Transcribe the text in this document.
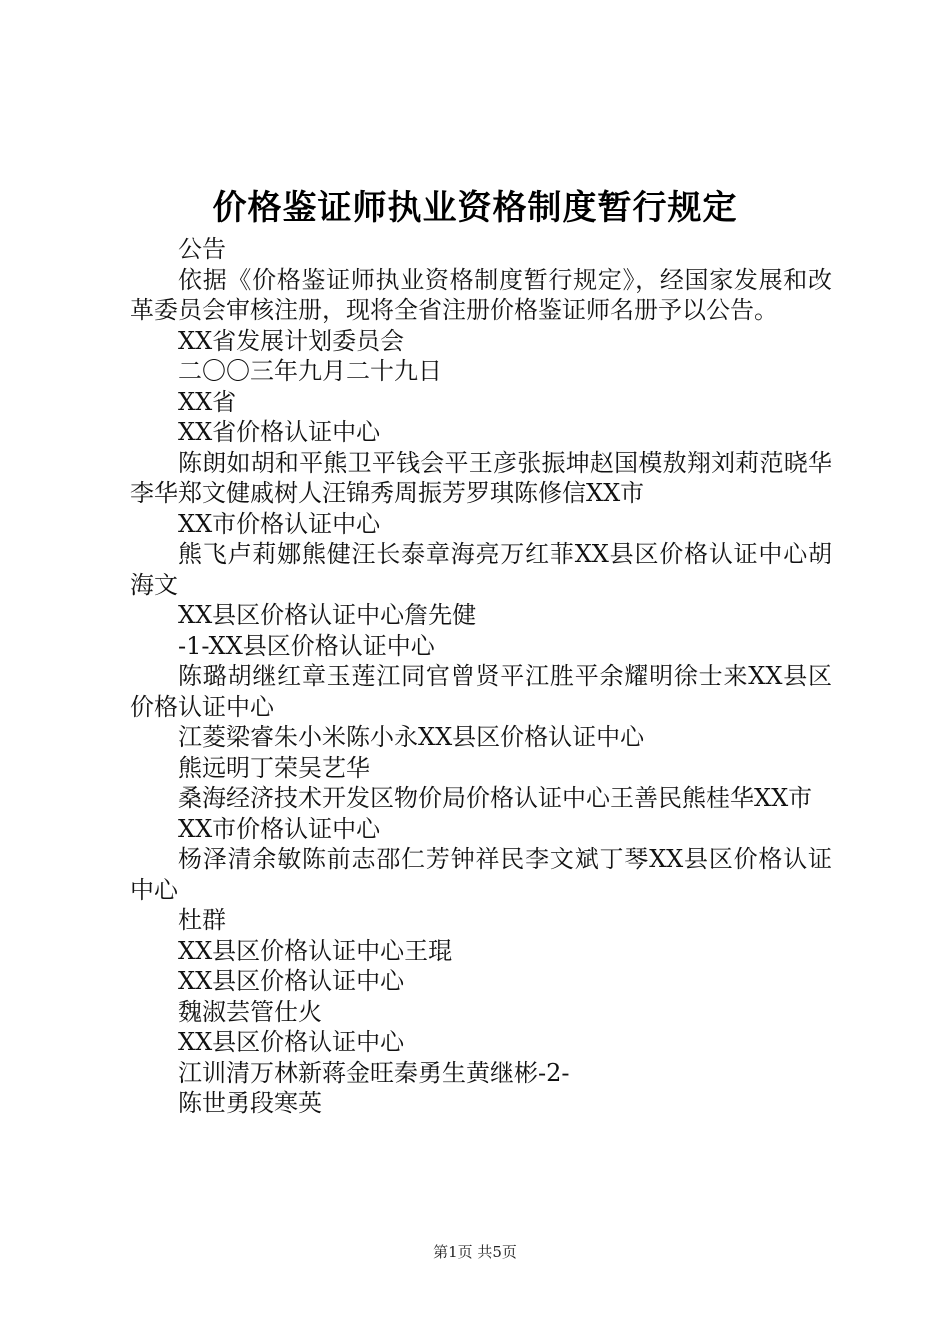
价格鉴证师执业资格制度暂行规定

公告

依据《价格鉴证师执业资格制度暂行规定》，经国家发展和改革委员会审核注册，现将全省注册价格鉴证师名册予以公告。

XX省发展计划委员会

二〇〇三年九月二十九日

XX省

XX省价格认证中心

陈朗如胡和平熊卫平钱会平王彦张振坤赵国模敖翔刘莉范晓华李华郑文健戚树人汪锦秀周振芳罗琪陈修信XX市

XX市价格认证中心

熊飞卢莉娜熊健汪长泰章海亮万红菲XX县区价格认证中心胡海文

XX县区价格认证中心詹先健

-1-XX县区价格认证中心

陈璐胡继红章玉莲江同官曾贤平江胜平余耀明徐士来XX县区价格认证中心

江菱梁睿朱小米陈小永XX县区价格认证中心

熊远明丁荣吴艺华

桑海经济技术开发区物价局价格认证中心王善民熊桂华XX市

XX市价格认证中心

杨泽清余敏陈前志邵仁芳钟祥民李文斌丁琴XX县区价格认证中心

杜群

XX县区价格认证中心王琨

XX县区价格认证中心

魏淑芸管仕火

XX县区价格认证中心

江训清万林新蒋金旺秦勇生黄继彬-2-

陈世勇段寒英

第1页 共5页
